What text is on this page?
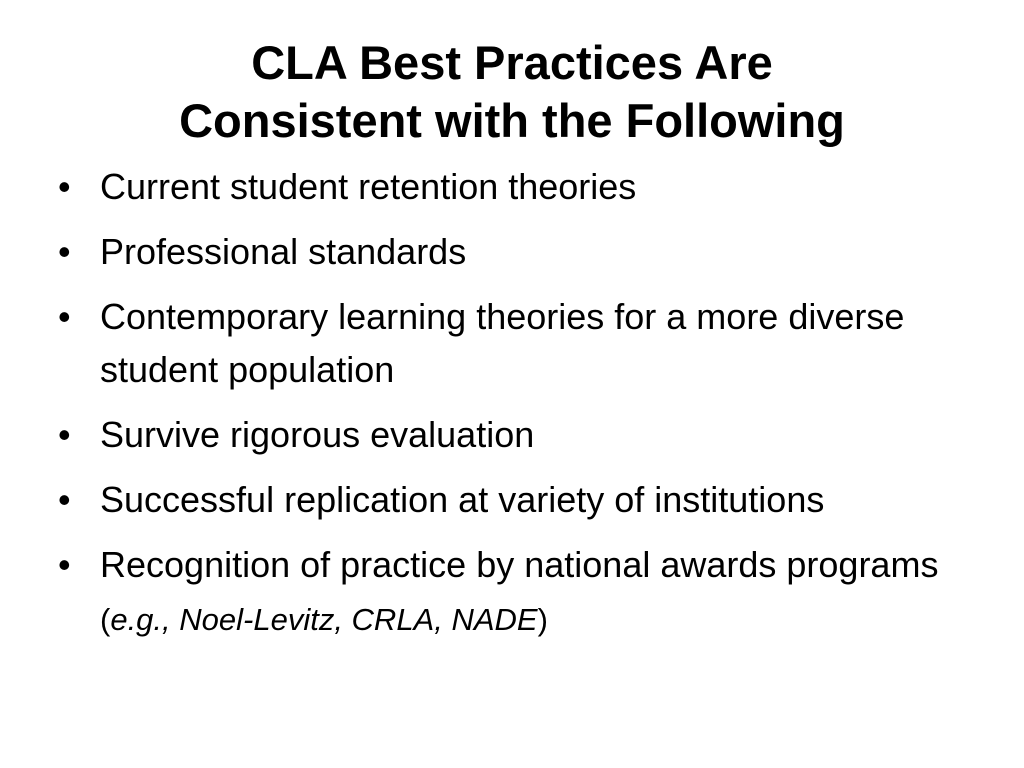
CLA Best Practices Are
Consistent with the Following
• Current student retention theories
• Professional standards
• Contemporary learning theories for a more diverse student population
• Survive rigorous evaluation
• Successful replication at variety of institutions
• Recognition of practice by national awards programs (e.g., Noel-Levitz, CRLA, NADE)
